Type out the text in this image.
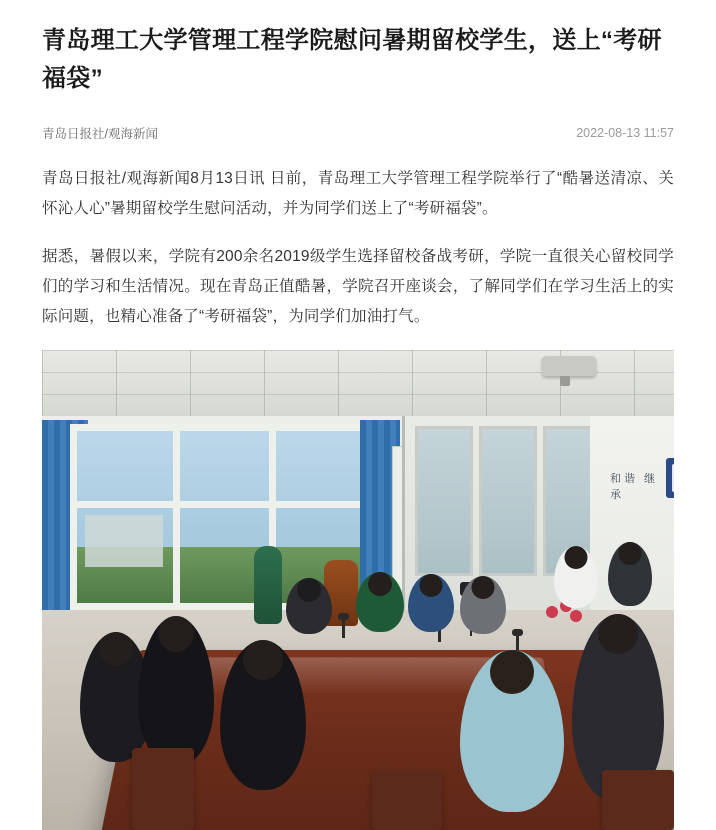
青岛理工大学管理工程学院慰问暑期留校学生，送上“考研福袋”
青岛日报社/观海新闻	2022-08-13 11:57

青岛日报社/观海新闻8月13日讯 日前，青岛理工大学管理工程学院举行了“酷暑送清凉、关怀沁人心”暑期留校学生慰问活动，并为同学们送上了“考研福袋”。

据悉，暑假以来，学院有200余名2019级学生选择留校备战考研，学院一直很关心留校同学们的学习和生活情况。现在青岛正值酷暑，学院召开座谈会，了解同学们在学习生活上的实际问题，也精心准备了“考研福袋”，为同学们加油打气。

和谐 继承
